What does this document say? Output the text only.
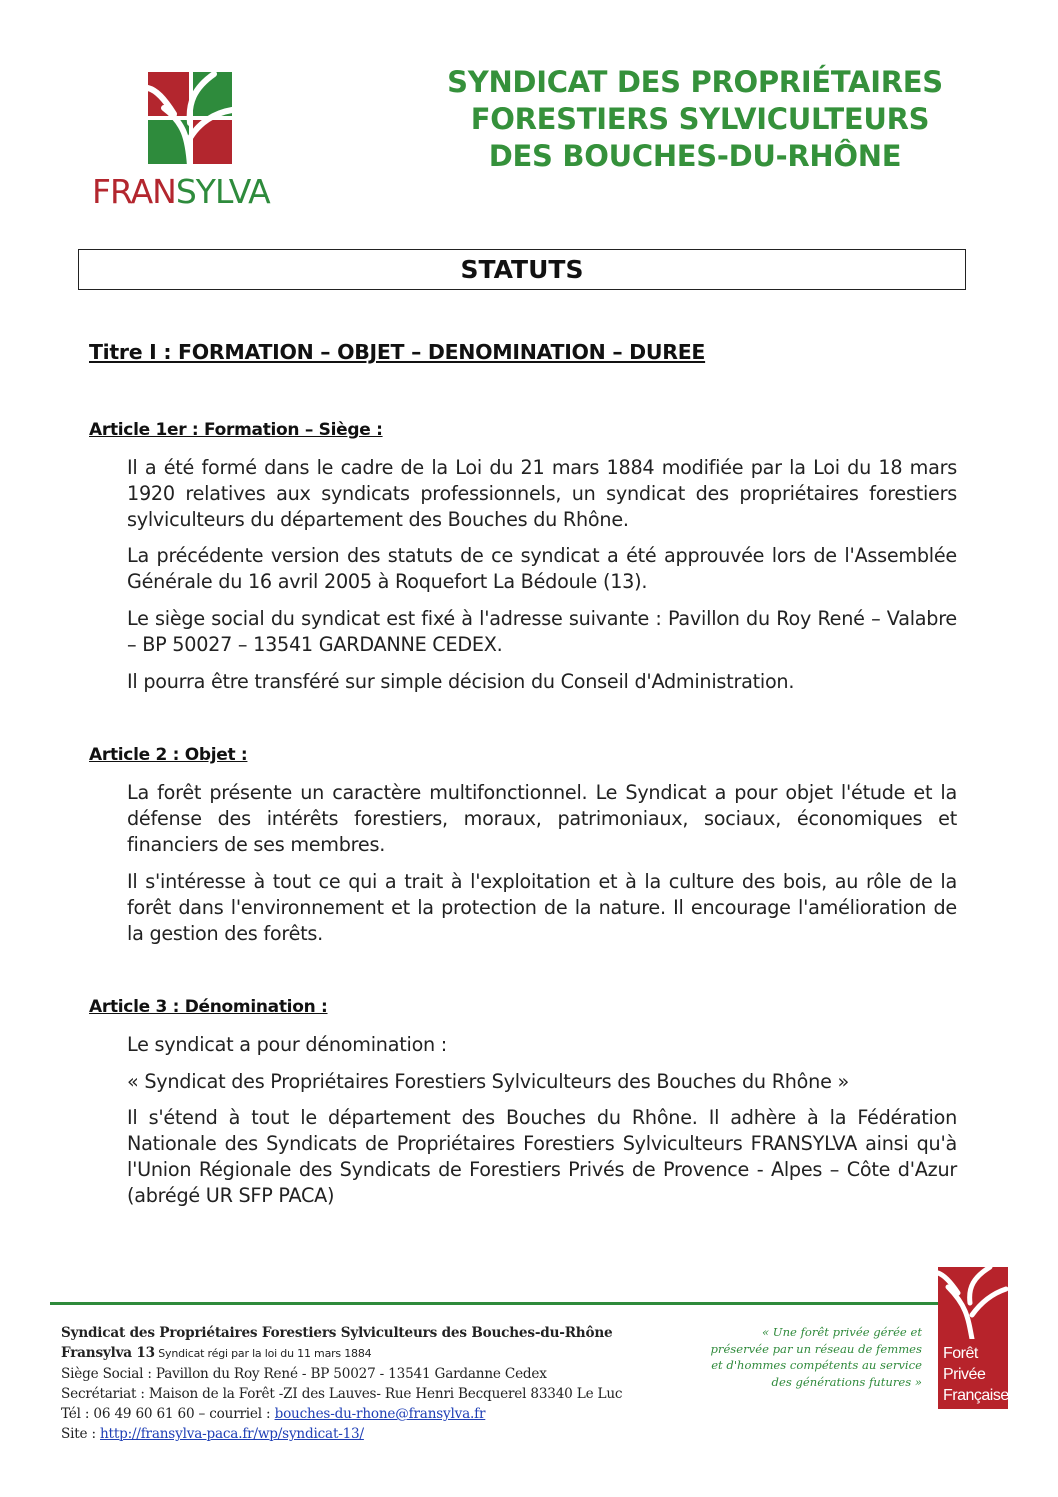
FRANSYLVA
SYNDICAT DES PROPRIÉTAIRES
FORESTIERS SYLVICULTEURS
DES BOUCHES-DU-RHÔNE
STATUTS
Titre I : FORMATION – OBJET – DENOMINATION – DUREE
Article 1er : Formation – Siège :
Il a été formé dans le cadre de la Loi du 21 mars 1884 modifiée par la Loi du 18 mars 1920 relatives aux syndicats professionnels, un syndicat des propriétaires forestiers sylviculteurs du département des Bouches du Rhône.
La précédente version des statuts de ce syndicat a été approuvée lors de l'Assemblée Générale du 16 avril 2005 à Roquefort La Bédoule (13).
Le siège social du syndicat est fixé à l'adresse suivante : Pavillon du Roy René – Valabre – BP 50027 – 13541 GARDANNE CEDEX.
Il pourra être transféré sur simple décision du Conseil d'Administration.
Article 2 : Objet :
La forêt présente un caractère multifonctionnel. Le Syndicat a pour objet l'étude et la défense des intérêts forestiers, moraux, patrimoniaux, sociaux, économiques et financiers de ses membres.
Il s'intéresse à tout ce qui a trait à l'exploitation et à la culture des bois, au rôle de la forêt dans l'environnement et la protection de la nature. Il encourage l'amélioration de la gestion des forêts.
Article 3 : Dénomination :
Le syndicat a pour dénomination :
« Syndicat des Propriétaires Forestiers Sylviculteurs des Bouches du Rhône »
Il s'étend à tout le département des Bouches du Rhône. Il adhère à la Fédération Nationale des Syndicats de Propriétaires Forestiers Sylviculteurs FRANSYLVA ainsi qu'à l'Union Régionale des Syndicats de Forestiers Privés de Provence - Alpes – Côte d'Azur (abrégé UR SFP PACA)
Syndicat des Propriétaires Forestiers Sylviculteurs des Bouches-du-Rhône
Fransylva 13 Syndicat régi par la loi du 11 mars 1884
Siège Social : Pavillon du Roy René - BP 50027 - 13541 Gardanne Cedex
Secrétariat : Maison de la Forêt -ZI des Lauves- Rue Henri Becquerel 83340 Le Luc
Tél : 06 49 60 61 60 – courriel : bouches-du-rhone@fransylva.fr
Site : http://fransylva-paca.fr/wp/syndicat-13/
« Une forêt privée gérée et préservée par un réseau de femmes et d'hommes compétents au service des générations futures »
Forêt
Privée
Française
